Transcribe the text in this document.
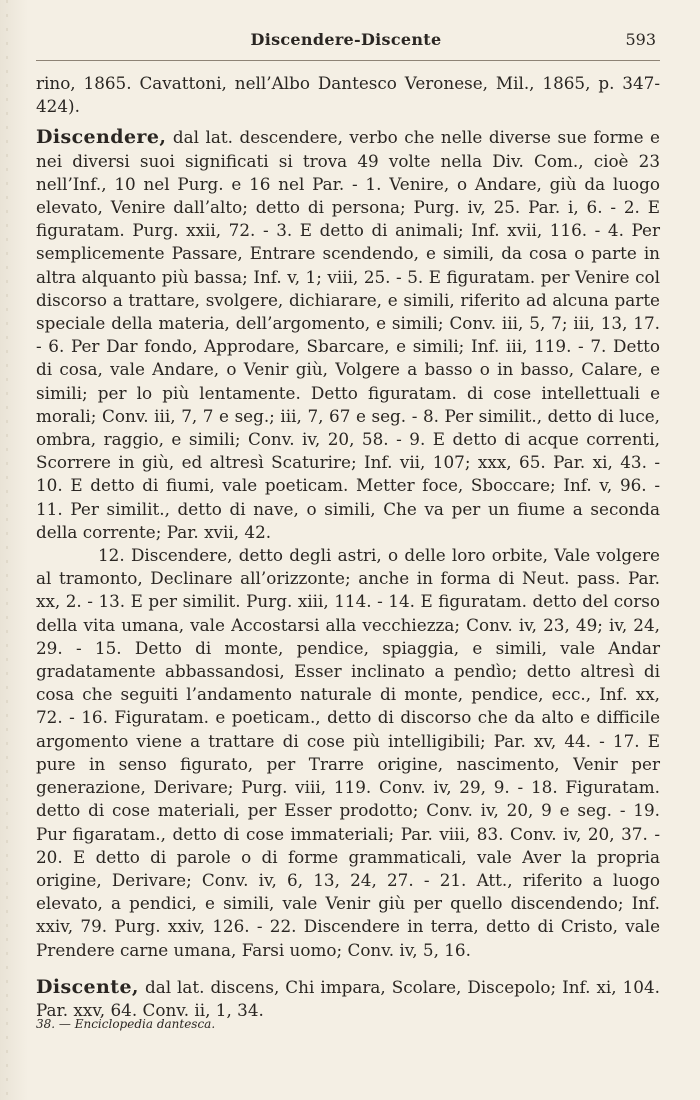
Discendere-Discente	593

rino, 1865. Cavattoni, nell’Albo Dantesco Veronese, Mil., 1865, p. 347-424).

Discendere, dal lat. descendere, verbo che nelle diverse sue forme e nei diversi suoi significati si trova 49 volte nella Div. Com., cioè 23 nell’Inf., 10 nel Purg. e 16 nel Par. - 1. Venire, o Andare, giù da luogo elevato, Venire dall’alto; detto di persona; Purg. iv, 25. Par. i, 6. - 2. E figuratam. Purg. xxii, 72. - 3. E detto di animali; Inf. xvii, 116. - 4. Per semplicemente Passare, Entrare scendendo, e simili, da cosa o parte in altra alquanto più bassa; Inf. v, 1; viii, 25. - 5. E figuratam. per Venire col discorso a trattare, svolgere, dichiarare, e simili, riferito ad alcuna parte speciale della materia, dell’argomento, e simili; Conv. iii, 5, 7; iii, 13, 17. - 6. Per Dar fondo, Approdare, Sbarcare, e simili; Inf. iii, 119. - 7. Detto di cosa, vale Andare, o Venir giù, Volgere a basso o in basso, Calare, e simili; per lo più lentamente. Detto figuratam. di cose intellettuali e morali; Conv. iii, 7, 7 e seg.; iii, 7, 67 e seg. - 8. Per similit., detto di luce, ombra, raggio, e simili; Conv. iv, 20, 58. - 9. E detto di acque correnti, Scorrere in giù, ed altresì Scaturire; Inf. vii, 107; xxx, 65. Par. xi, 43. - 10. E detto di fiumi, vale poeticam. Metter foce, Sboccare; Inf. v, 96. - 11. Per similit., detto di nave, o simili, Che va per un fiume a seconda della corrente; Par. xvii, 42.

12. Discendere, detto degli astri, o delle loro orbite, Vale volgere al tramonto, Declinare all’orizzonte; anche in forma di Neut. pass. Par. xx, 2. - 13. E per similit. Purg. xiii, 114. - 14. E figuratam. detto del corso della vita umana, vale Accostarsi alla vecchiezza; Conv. iv, 23, 49; iv, 24, 29. - 15. Detto di monte, pendice, spiaggia, e simili, vale Andar gradatamente abbassandosi, Esser inclinato a pendìo; detto altresì di cosa che seguiti l’andamento naturale di monte, pendice, ecc., Inf. xx, 72. - 16. Figuratam. e poeticam., detto di discorso che da alto e difficile argomento viene a trattare di cose più intelligibili; Par. xv, 44. - 17. E pure in senso figurato, per Trarre origine, nascimento, Venir per generazione, Derivare; Purg. viii, 119. Conv. iv, 29, 9. - 18. Figuratam. detto di cose materiali, per Esser prodotto; Conv. iv, 20, 9 e seg. - 19. Pur figaratam., detto di cose immateriali; Par. viii, 83. Conv. iv, 20, 37. - 20. E detto di parole o di forme grammaticali, vale Aver la propria origine, Derivare; Conv. iv, 6, 13, 24, 27. - 21. Att., riferito a luogo elevato, a pendici, e simili, vale Venir giù per quello discendendo; Inf. xxiv, 79. Purg. xxiv, 126. - 22. Discendere in terra, detto di Cristo, vale Prendere carne umana, Farsi uomo; Conv. iv, 5, 16.

Discente, dal lat. discens, Chi impara, Scolare, Discepolo; Inf. xi, 104. Par. xxv, 64. Conv. ii, 1, 34.

38. — Enciclopedia dantesca.
